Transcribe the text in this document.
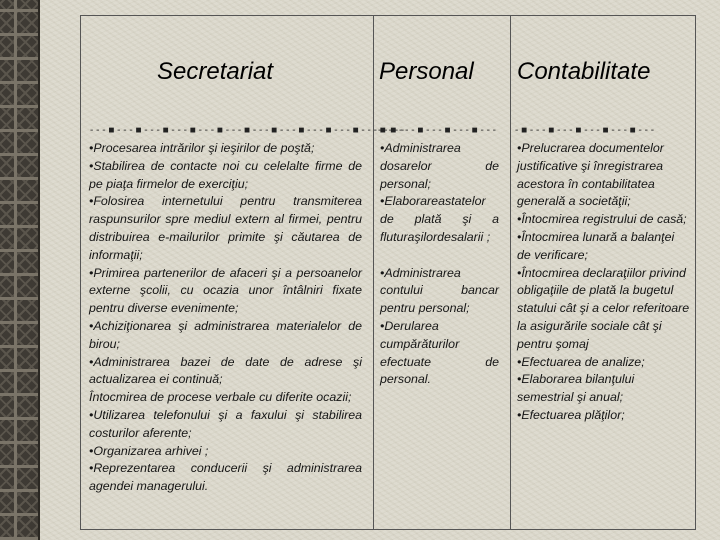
Secretariat	Personal Contabilitate
- - - ■ - - - ■ - - - ■ - - - ■ - - - ■ - - - ■ - - - ■ - - - ■ - - - ■ - - - ■ - - - ■ - - -
- - ■ - - - ■ - - - ■ - - - ■ - - -	- ■ - - - ■ - - - ■ - - - ■ - - - ■ - - -

•Procesarea intrărilor şi ieşirilor de poştă;

•Stabilirea de contacte noi cu celelalte firme de pe piaţa firmelor de exerciţiu;

•Folosirea internetului pentru transmiterea raspunsurilor spre mediul extern al firmei, pentru distribuirea e-mailurilor primite şi căutarea de informaţii;

•Primirea partenerilor de afaceri şi a persoanelor externe şcolii, cu ocazia unor întâlniri fixate pentru diverse evenimente;

•Achiziţionarea şi administrarea materialelor de birou;

•Administrarea bazei de date de adrese şi actualizarea ei continuă;

Întocmirea de procese verbale cu diferite ocazii;

•Utilizarea telefonului şi a faxului şi stabilirea costurilor aferente;

•Organizarea arhivei ;

•Reprezentarea conducerii şi administrarea agendei managerului.

•Administrarea dosarelor de personal;

•Elaborareastatelor de plată şi a fluturaşilordesalarii ;

•Administrarea contului bancar pentru personal;

•Derularea cumpărăturilor efectuate de personal.

•Prelucrarea documentelor justificative şi înregistrarea acestora în contabilitatea generală a societăţii;

•Întocmirea registrului de casă;

•Întocmirea lunară a balanţei de verificare;

•Întocmirea declaraţiilor privind obligaţiile de plată la bugetul statului cât şi a celor referitoare la asigurările sociale cât şi pentru şomaj

•Efectuarea de analize;

•Elaborarea bilanţului semestrial şi anual;

•Efectuarea plăţilor;
